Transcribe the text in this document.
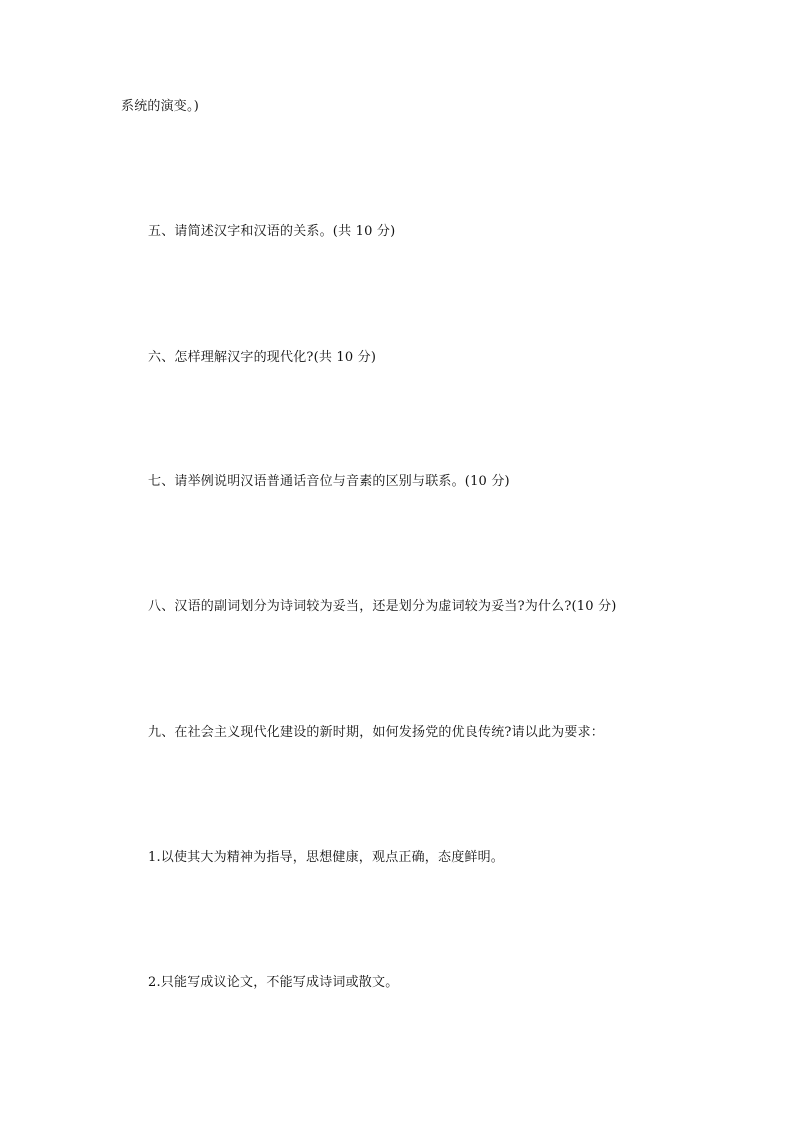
系统的演变。)
五、请简述汉字和汉语的关系。(共 10 分)
六、怎样理解汉字的现代化?(共 10 分)
七、请举例说明汉语普通话音位与音素的区别与联系。(10 分)
八、汉语的副词划分为诗词较为妥当，还是划分为虚词较为妥当?为什么?(10 分)
九、在社会主义现代化建设的新时期，如何发扬党的优良传统?请以此为要求：
1.以使其大为精神为指导，思想健康，观点正确，态度鲜明。
2.只能写成议论文，不能写成诗词或散文。
